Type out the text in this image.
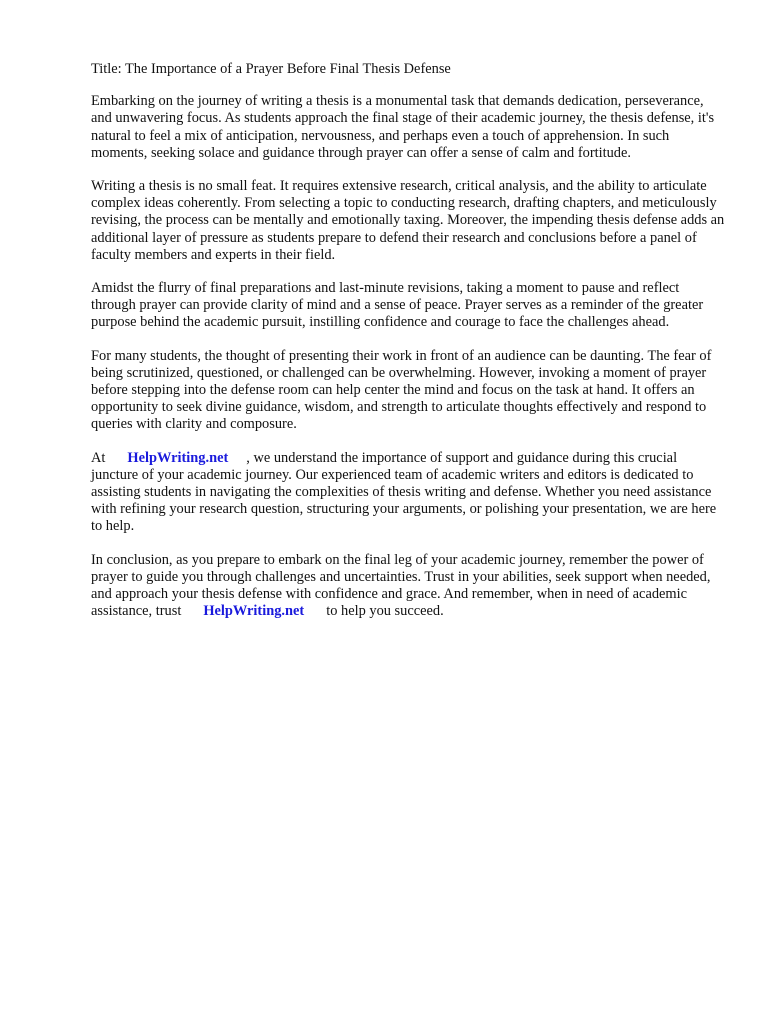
Title: The Importance of a Prayer Before Final Thesis Defense

Embarking on the journey of writing a thesis is a monumental task that demands dedication, perseverance, and unwavering focus. As students approach the final stage of their academic journey, the thesis defense, it's natural to feel a mix of anticipation, nervousness, and perhaps even a touch of apprehension. In such moments, seeking solace and guidance through prayer can offer a sense of calm and fortitude.

Writing a thesis is no small feat. It requires extensive research, critical analysis, and the ability to articulate complex ideas coherently. From selecting a topic to conducting research, drafting chapters, and meticulously revising, the process can be mentally and emotionally taxing. Moreover, the impending thesis defense adds an additional layer of pressure as students prepare to defend their research and conclusions before a panel of faculty members and experts in their field.

Amidst the flurry of final preparations and last-minute revisions, taking a moment to pause and reflect through prayer can provide clarity of mind and a sense of peace. Prayer serves as a reminder of the greater purpose behind the academic pursuit, instilling confidence and courage to face the challenges ahead.

For many students, the thought of presenting their work in front of an audience can be daunting. The fear of being scrutinized, questioned, or challenged can be overwhelming. However, invoking a moment of prayer before stepping into the defense room can help center the mind and focus on the task at hand. It offers an opportunity to seek divine guidance, wisdom, and strength to articulate thoughts effectively and respond to queries with clarity and composure.

At HelpWriting.net , we understand the importance of support and guidance during this crucial juncture of your academic journey. Our experienced team of academic writers and editors is dedicated to assisting students in navigating the complexities of thesis writing and defense. Whether you need assistance with refining your research question, structuring your arguments, or polishing your presentation, we are here to help.

In conclusion, as you prepare to embark on the final leg of your academic journey, remember the power of prayer to guide you through challenges and uncertainties. Trust in your abilities, seek support when needed, and approach your thesis defense with confidence and grace. And remember, when in need of academic assistance, trust HelpWriting.net to help you succeed.
